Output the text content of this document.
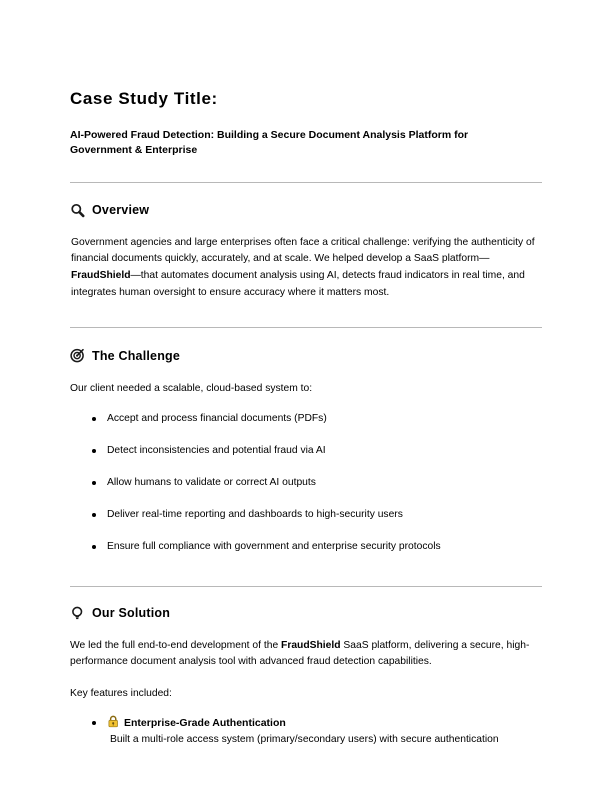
Case Study Title:

AI-Powered Fraud Detection: Building a Secure Document Analysis Platform for Government & Enterprise

Overview

Government agencies and large enterprises often face a critical challenge: verifying the authenticity of financial documents quickly, accurately, and at scale. We helped develop a SaaS platform—FraudShield—that automates document analysis using AI, detects fraud indicators in real time, and integrates human oversight to ensure accuracy where it matters most.

The Challenge

Our client needed a scalable, cloud-based system to:

Accept and process financial documents (PDFs)
Detect inconsistencies and potential fraud via AI
Allow humans to validate or correct AI outputs
Deliver real-time reporting and dashboards to high-security users
Ensure full compliance with government and enterprise security protocols
Our Solution

We led the full end-to-end development of the FraudShield SaaS platform, delivering a secure, high-performance document analysis tool with advanced fraud detection capabilities.

Key features included:

Enterprise-Grade Authentication
Built a multi-role access system (primary/secondary users) with secure authentication
